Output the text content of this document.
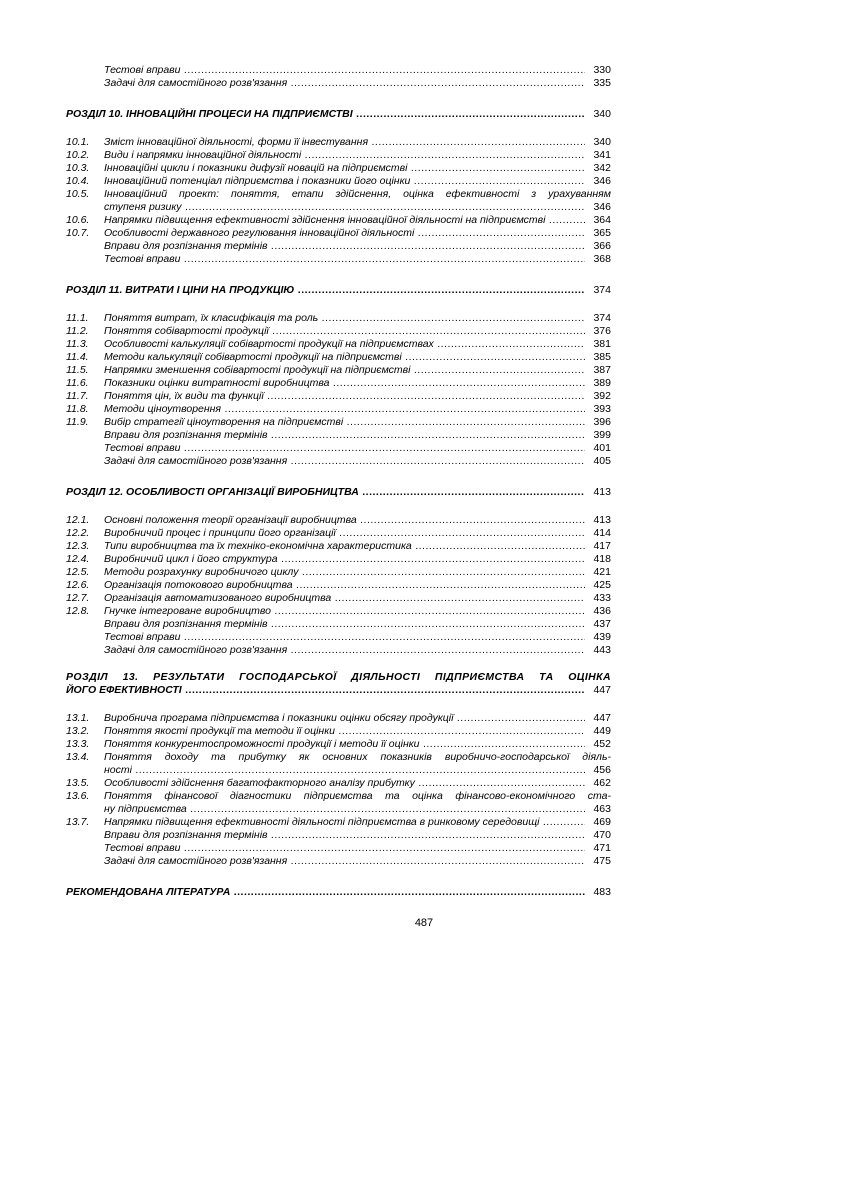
Тестові вправи .....	330
Задачі для самостійного розв'язання .....	335
РОЗДІЛ 10. ІННОВАЦІЙНІ ПРОЦЕСИ НА ПІДПРИЄМСТВІ .....	340
10.1.	Зміст інноваційної діяльності, форми її інвестування .....	340
10.2.	Види і напрямки інноваційної діяльності .....	341
10.3.	Інноваційні цикли і показники дифузії новацій на підприємстві .....	342
10.4.	Інноваційний потенціал підприємства і показники його оцінки .....	346
10.5.	Інноваційний проект: поняття, етапи здійснення, оцінка ефективності з урахуванням
ступеня ризику .....	346
10.6.	Напрямки підвищення ефективності здійснення інноваційної діяльності на підприємстві .....	364
10.7.	Особливості державного регулювання інноваційної діяльності .....	365
Вправи для розпізнання термінів .....	366
Тестові вправи .....	368
РОЗДІЛ 11. ВИТРАТИ І ЦІНИ НА ПРОДУКЦІЮ .....	374
11.1.	Поняття витрат, їх класифікація та роль .....	374
11.2.	Поняття собівартості продукції .....	376
11.3.	Особливості калькуляції собівартості продукції на підприємствах .....	381
11.4.	Методи калькуляції собівартості продукції на підприємстві .....	385
11.5.	Напрямки зменшення собівартості продукції на підприємстві .....	387
11.6.	Показники оцінки витратності виробництва .....	389
11.7.	Поняття цін, їх види та функції .....	392
11.8.	Методи ціноутворення .....	393
11.9.	Вибір стратегії ціноутворення на підприємстві .....	396
Вправи для розпізнання термінів .....	399
Тестові вправи .....	401
Задачі для самостійного розв'язання .....	405
РОЗДІЛ 12. ОСОБЛИВОСТІ ОРГАНІЗАЦІЇ ВИРОБНИЦТВА .....	413
12.1.	Основні положення теорії організації виробництва .....	413
12.2.	Виробничий процес і принципи його організації .....	414
12.3.	Типи виробництва та їх техніко-економічна характеристика .....	417
12.4.	Виробничий цикл і його структура .....	418
12.5.	Методи розрахунку виробничого циклу .....	421
12.6.	Організація потокового виробництва .....	425
12.7.	Організація автоматизованого виробництва .....	433
12.8.	Гнучке інтегроване виробництво .....	436
Вправи для розпізнання термінів .....	437
Тестові вправи .....	439
Задачі для самостійного розв'язання .....	443
РОЗДІЛ 13. РЕЗУЛЬТАТИ ГОСПОДАРСЬКОЇ ДІЯЛЬНОСТІ ПІДПРИЄМСТВА ТА ОЦІНКА
ЙОГО ЕФЕКТИВНОСТІ .....	447
13.1.	Виробнича програма підприємства і показники оцінки обсягу продукції .....	447
13.2.	Поняття якості продукції та методи її оцінки .....	449
13.3.	Поняття конкурентоспроможності продукції і методи її оцінки .....	452
13.4.	Поняття доходу та прибутку як основних показників виробничо-господарської діяль-
ності .....	456
13.5.	Особливості здійснення багатофакторного аналізу прибутку .....	462
13.6.	Поняття фінансової діагностики підприємства та оцінка фінансово-економічного ста-
ну підприємства .....	463
13.7.	Напрямки підвищення ефективності діяльності підприємства в ринковому середовищі .....	469
Вправи для розпізнання термінів .....	470
Тестові вправи .....	471
Задачі для самостійного розв'язання .....	475
РЕКОМЕНДОВАНА ЛІТЕРАТУРА .....	483
487
